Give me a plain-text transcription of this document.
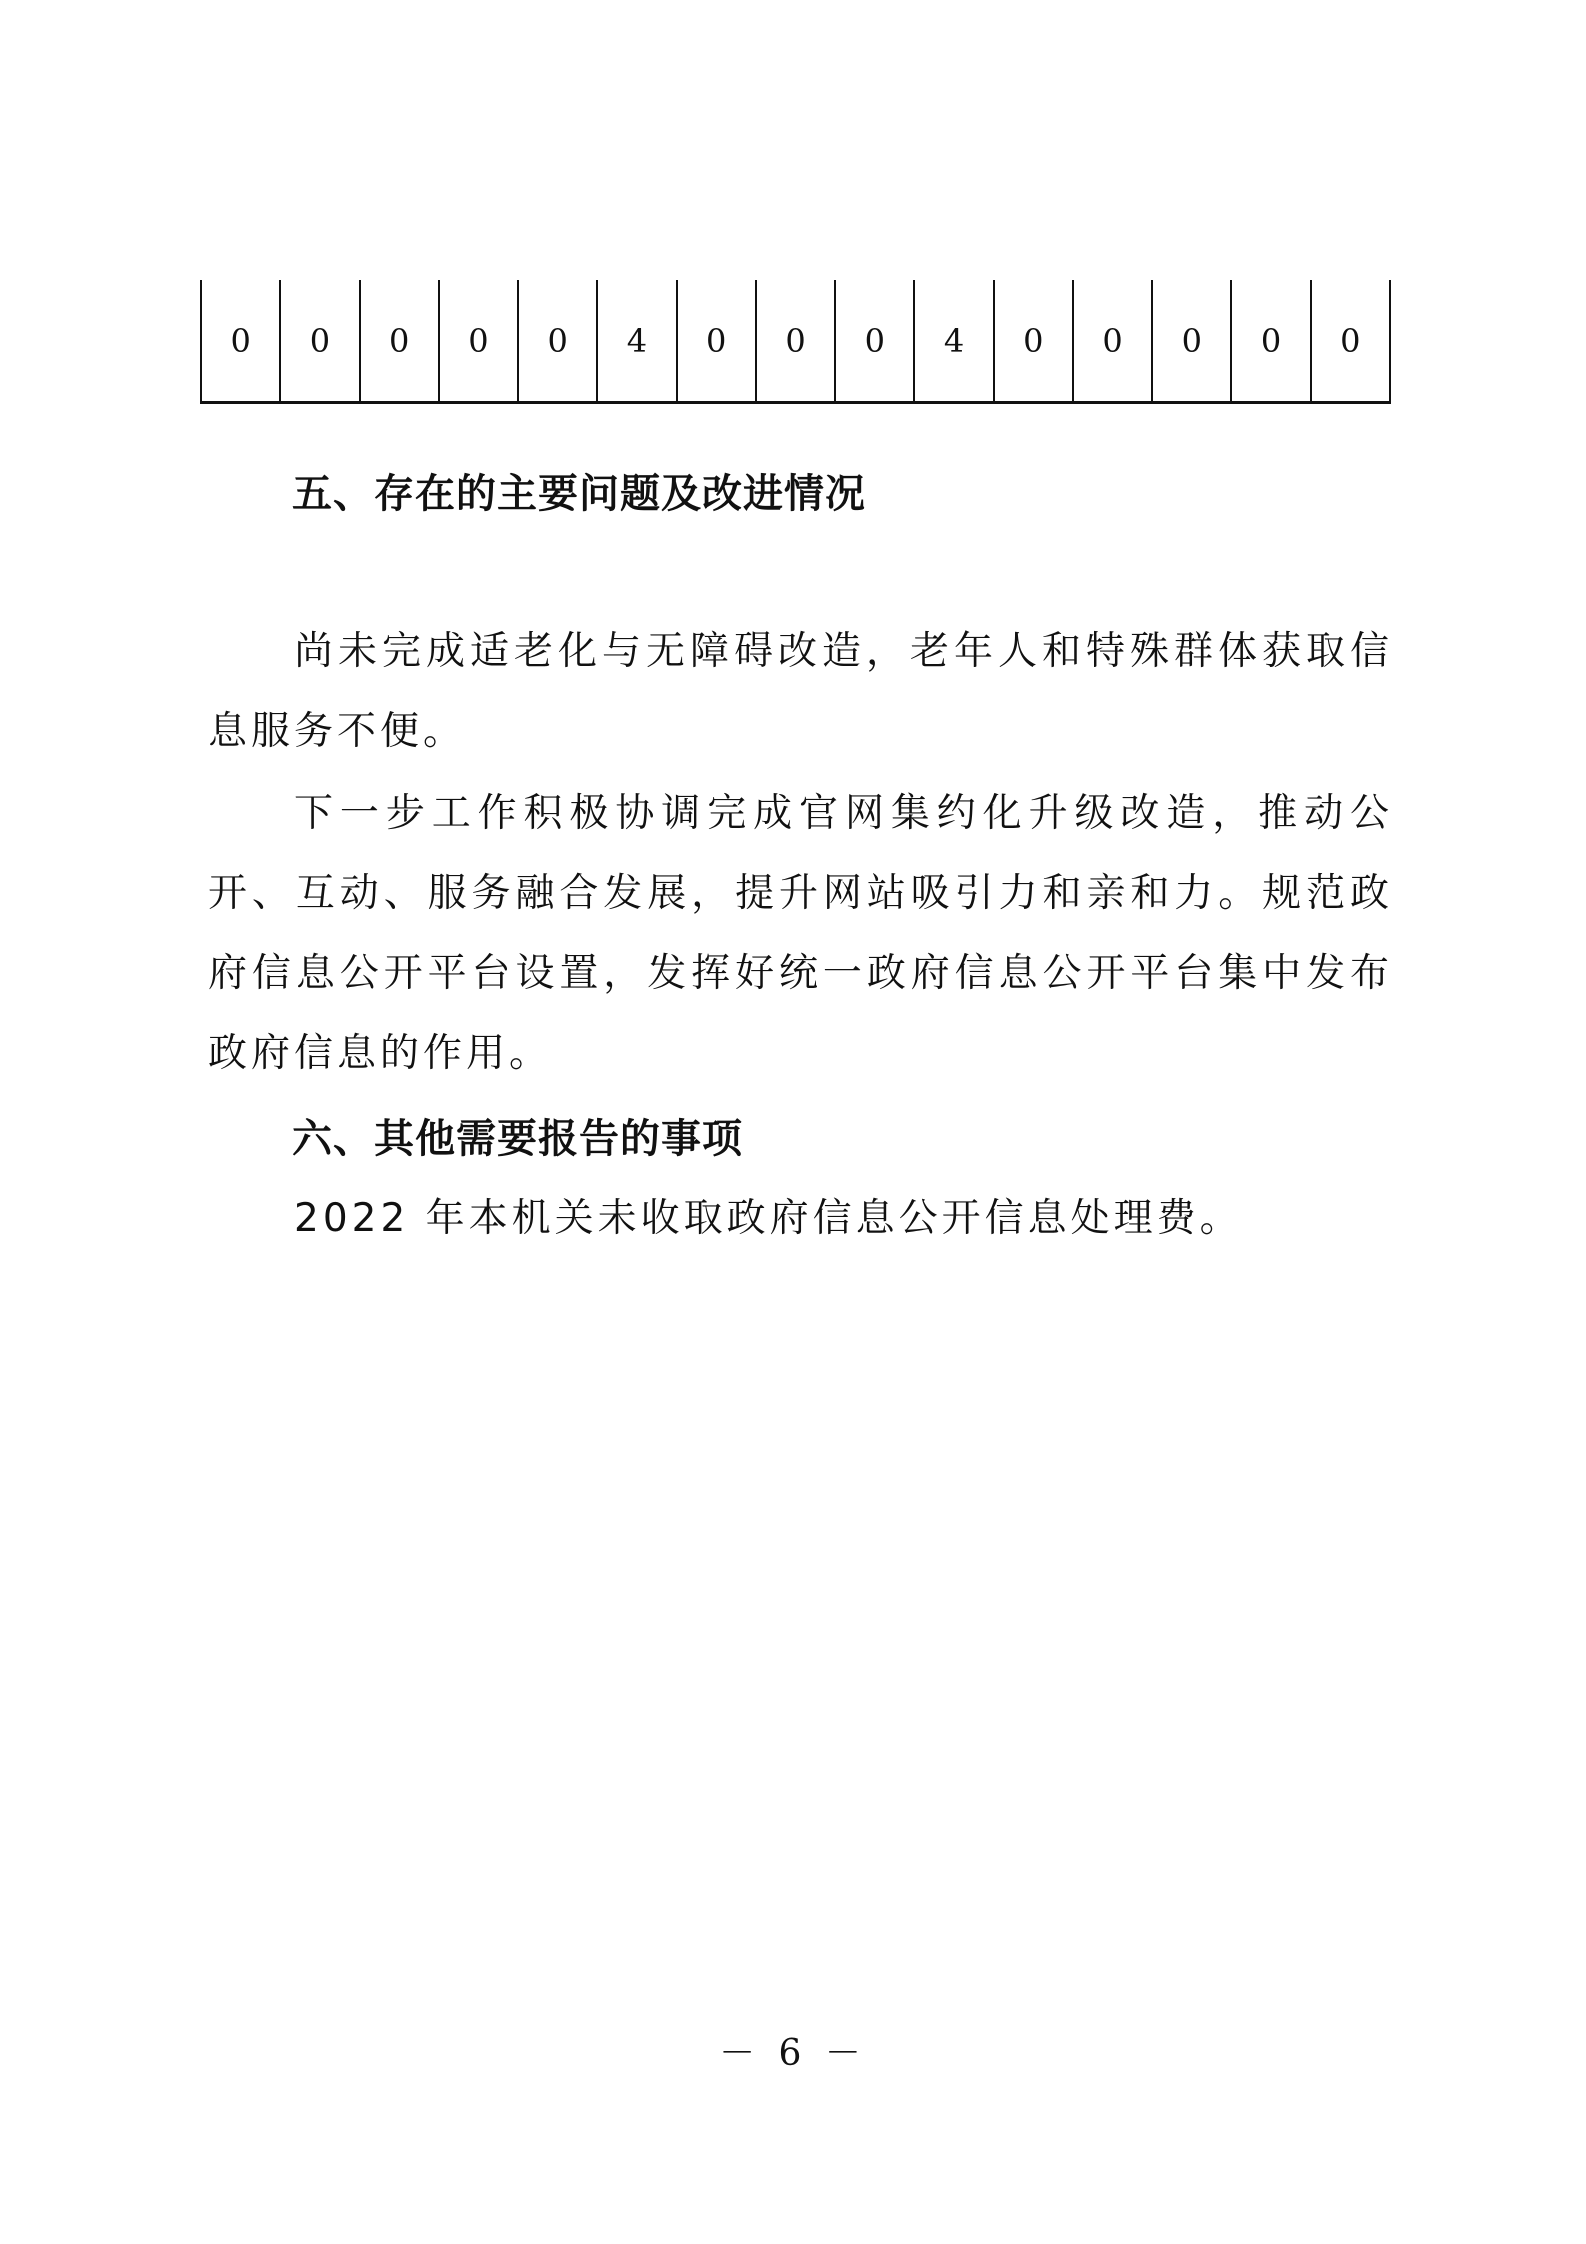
0	0	0	0	0	4	0	0	0	4	0	0	0	0	0
五、存在的主要问题及改进情况

尚未完成适老化与无障碍改造，老年人和特殊群体获取信息服务不便。

下一步工作积极协调完成官网集约化升级改造，推动公开、互动、服务融合发展，提升网站吸引力和亲和力。规范政府信息公开平台设置，发挥好统一政府信息公开平台集中发布政府信息的作用。

六、其他需要报告的事项

2022 年本机关未收取政府信息公开信息处理费。

－ 6 －
